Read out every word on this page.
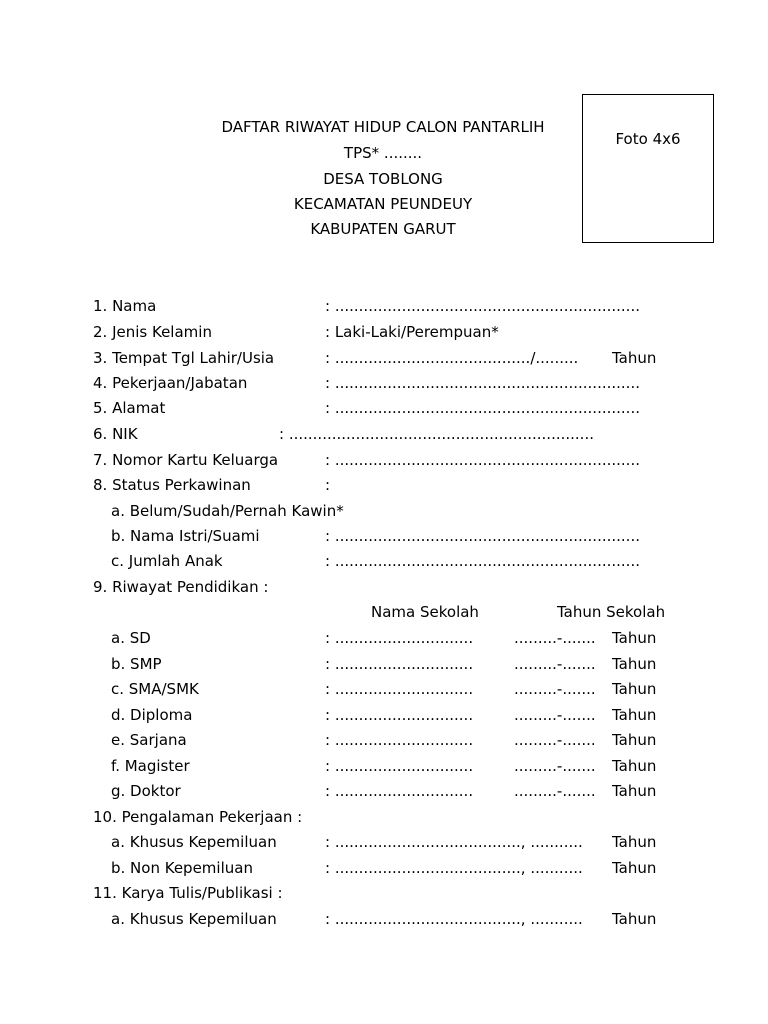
DAFTAR RIWAYAT HIDUP CALON PANTARLIH
TPS* ........
DESA TOBLONG
KECAMATAN PEUNDEUY
KABUPATEN GARUT
Foto 4x6
1. Nama	: ................................................................
2. Jenis Kelamin	: Laki-Laki/Perempuan*
3. Tempat Tgl Lahir/Usia	: ........................................./......... Tahun
4. Pekerjaan/Jabatan	: ................................................................
5. Alamat	: ................................................................
6. NIK	: ................................................................
7. Nomor Kartu Keluarga	: ................................................................
8. Status Perkawinan	:
a. Belum/Sudah/Pernah Kawin*
b. Nama Istri/Suami	: ................................................................
c. Jumlah Anak	: ................................................................
9. Riwayat Pendidikan :
Nama Sekolah	Tahun Sekolah
a. SD	: .............................	.........-....... Tahun
b. SMP	: .............................	.........-....... Tahun
c. SMA/SMK	: .............................	.........-....... Tahun
d. Diploma	: .............................	.........-....... Tahun
e. Sarjana	: .............................	.........-....... Tahun
f. Magister	: .............................	.........-....... Tahun
g. Doktor	: .............................	.........-....... Tahun
10. Pengalaman Pekerjaan :
a. Khusus Kepemiluan	: ......................................., ........... Tahun
b. Non Kepemiluan	: ......................................., ........... Tahun
11. Karya Tulis/Publikasi :
a. Khusus Kepemiluan	: ......................................., ........... Tahun
